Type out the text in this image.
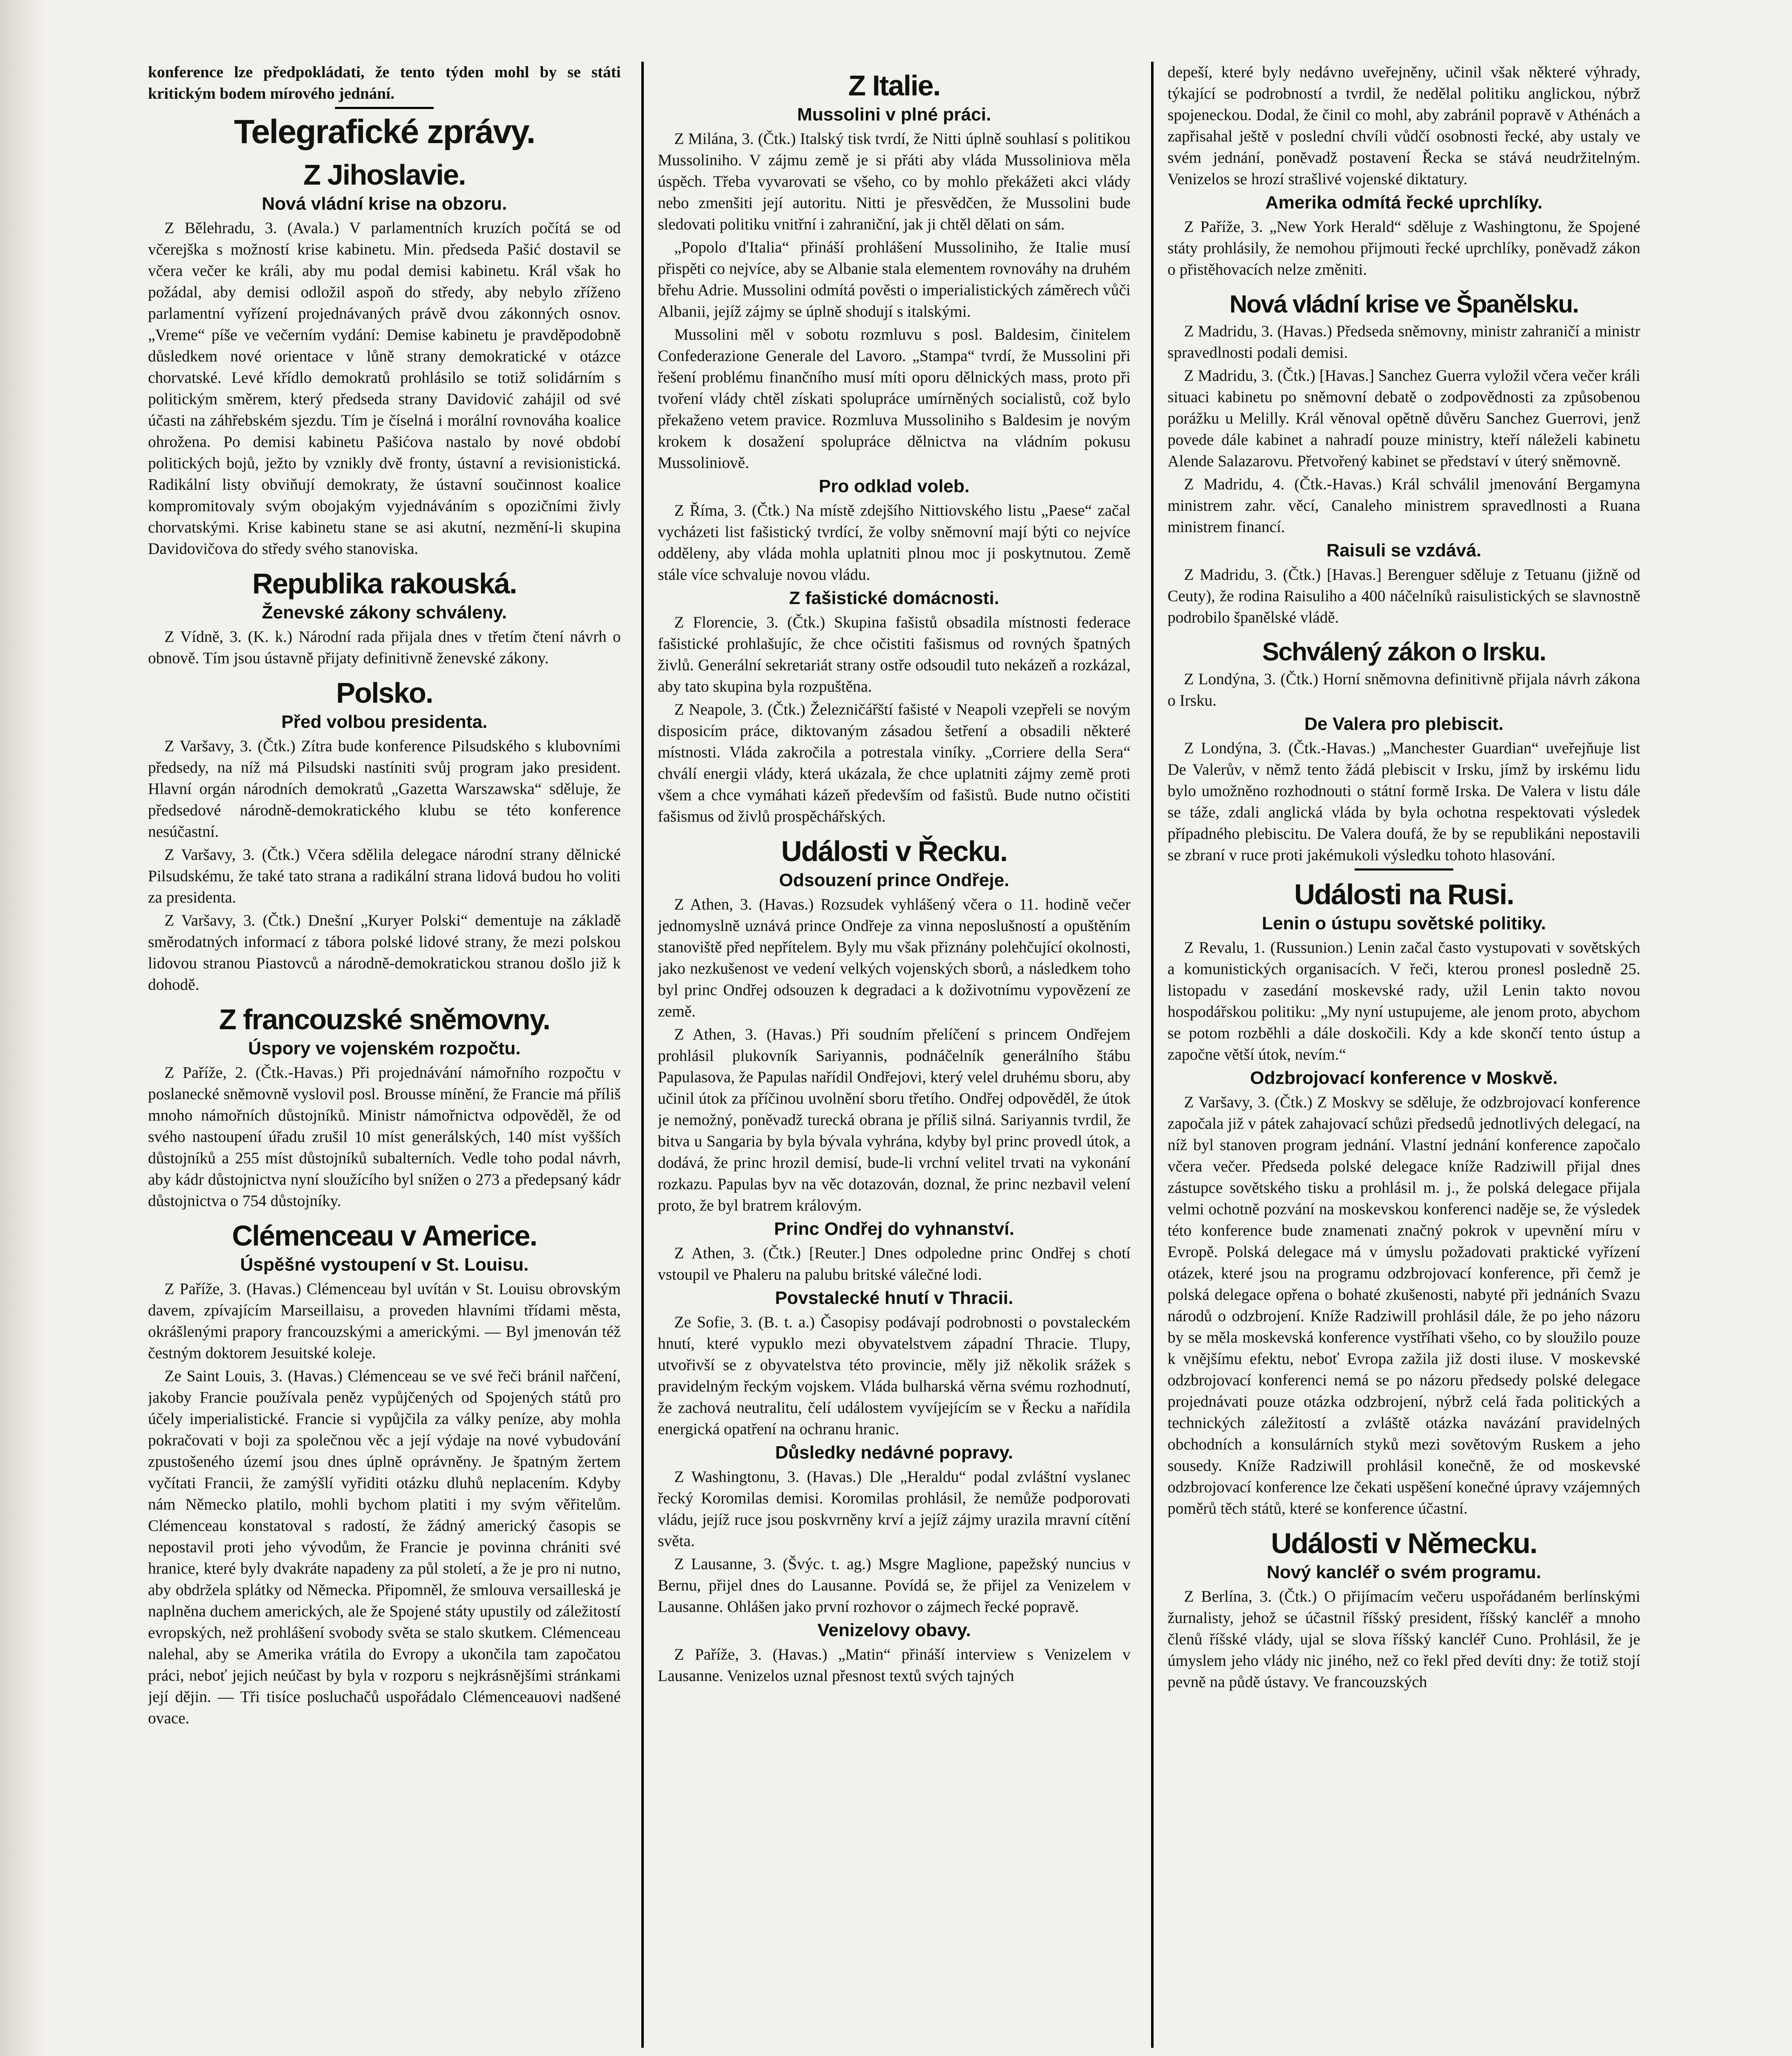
konference lze předpokládati, že tento týden mohl by se státi kritickým bodem mírového jednání.

Telegrafické zprávy.
Z Jihoslavie.
Nová vládní krise na obzoru.

Z Bělehradu, 3. (Avala.) V parlamentních kruzích počítá se od včerejška s možností krise kabinetu. Min. předseda Pašić dostavil se včera večer ke králi, aby mu podal demisi kabinetu. Král však ho požádal, aby demisi odložil aspoň do středy, aby nebylo zříženo parlamentní vyřízení projednávaných právě dvou zákonných osnov. „Vreme“ píše ve večerním vydání: Demise kabinetu je pravděpodobně důsledkem nové orientace v lůně strany demokratické v otázce chorvatské. Levé křídlo demokratů prohlásilo se totiž solidárním s politickým směrem, který předseda strany Davidović zahájil od své účasti na záhřebském sjezdu. Tím je číselná i morální rovnováha koalice ohrožena. Po demisi kabinetu Pašićova nastalo by nové období politických bojů, ježto by vznikly dvě fronty, ústavní a revisionistická. Radikální listy obviňují demokraty, že ústavní součinnost koalice kompromitovaly svým obojakým vyjednáváním s opozičními živly chorvatskými. Krise kabinetu stane se asi akutní, nezmění-li skupina Davidovičova do středy svého stanoviska.

Republika rakouská.
Ženevské zákony schváleny.

Z Vídně, 3. (K. k.) Národní rada přijala dnes v třetím čtení návrh o obnově. Tím jsou ústavně přijaty definitivně ženevské zákony.

Polsko.
Před volbou presidenta.

Z Varšavy, 3. (Čtk.) Zítra bude konference Pilsudského s klubovními předsedy, na níž má Pilsudski nastíniti svůj program jako president. Hlavní orgán národních demokratů „Gazetta Warszawska“ sděluje, že předsedové národně-demokratického klubu se této konference nesúčastní.

Z Varšavy, 3. (Čtk.) Včera sdělila delegace národní strany dělnické Pilsudskému, že také tato strana a radikální strana lidová budou ho voliti za presidenta.

Z Varšavy, 3. (Čtk.) Dnešní „Kuryer Polski“ dementuje na základě směrodatných informací z tábora polské lidové strany, že mezi polskou lidovou stranou Piastovců a národně-demokratickou stranou došlo již k dohodě.

Z francouzské sněmovny.
Úspory ve vojenském rozpočtu.

Z Paříže, 2. (Čtk.-Havas.) Při projednávání námořního rozpočtu v poslanecké sněmovně vyslovil posl. Brousse mínění, že Francie má příliš mnoho námořních důstojníků. Ministr námořnictva odpověděl, že od svého nastoupení úřadu zrušil 10 míst generálských, 140 míst vyšších důstojníků a 255 míst důstojníků subalterních. Vedle toho podal návrh, aby kádr důstojnictva nyní sloužícího byl snížen o 273 a předepsaný kádr důstojnictva o 754 důstojníky.

Clémenceau v Americe.
Úspěšné vystoupení v St. Louisu.

Z Paříže, 3. (Havas.) Clémenceau byl uvítán v St. Louisu obrovským davem, zpívajícím Marseillaisu, a proveden hlavními třídami města, okrášlenými prapory francouzskými a americkými. — Byl jmenován též čestným doktorem Jesuitské koleje.

Ze Saint Louis, 3. (Havas.) Clémenceau se ve své řeči bránil nařčení, jakoby Francie používala peněz vypůjčených od Spojených států pro účely imperialistické. Francie si vypůjčila za války peníze, aby mohla pokračovati v boji za společnou věc a její výdaje na nové vybudování zpustošeného území jsou dnes úplně oprávněny. Je špatným žertem vyčítati Francii, že zamýšlí vyřiditi otázku dluhů neplacením. Kdyby nám Německo platilo, mohli bychom platiti i my svým věřitelům. Clémenceau konstatoval s radostí, že žádný americký časopis se nepostavil proti jeho vývodům, že Francie je povinna chrániti své hranice, které byly dvakráte napadeny za půl století, a že je pro ni nutno, aby obdržela splátky od Německa. Připomněl, že smlouva versailleská je naplněna duchem amerických, ale že Spojené státy upustily od záležitostí evropských, než prohlášení svobody světa se stalo skutkem. Clémenceau nalehal, aby se Amerika vrátila do Evropy a ukončila tam započatou práci, neboť jejich neúčast by byla v rozporu s nejkrásnějšími stránkami její dějin. — Tři tisíce posluchačů uspořádalo Clémenceauovi nadšené ovace.

Z Italie.
Mussolini v plné práci.

Z Milána, 3. (Čtk.) Italský tisk tvrdí, že Nitti úplně souhlasí s politikou Mussoliniho. V zájmu země je si přáti aby vláda Mussoliniova měla úspěch. Třeba vyvarovati se všeho, co by mohlo překážeti akci vlády nebo zmenšiti její autoritu. Nitti je přesvědčen, že Mussolini bude sledovati politiku vnitřní i zahraniční, jak ji chtěl dělati on sám.

„Popolo d'Italia“ přináší prohlášení Mussoliniho, že Italie musí přispěti co nejvíce, aby se Albanie stala elementem rovnováhy na druhém břehu Adrie. Mussolini odmítá pověsti o imperialistických záměrech vůči Albanii, jejíž zájmy se úplně shodují s italskými.

Mussolini měl v sobotu rozmluvu s posl. Baldesim, činitelem Confederazione Generale del Lavoro. „Stampa“ tvrdí, že Mussolini při řešení problému finančního musí míti oporu dělnických mass, proto při tvoření vlády chtěl získati spolupráce umírněných socialistů, což bylo překaženo vetem pravice. Rozmluva Mussoliniho s Baldesim je novým krokem k dosažení spolupráce dělnictva na vládním pokusu Mussoliniově.

Pro odklad voleb.

Z Říma, 3. (Čtk.) Na místě zdejšího Nittiovského listu „Paese“ začal vycházeti list fašistický tvrdící, že volby sněmovní mají býti co nejvíce odděleny, aby vláda mohla uplatniti plnou moc ji poskytnutou. Země stále více schvaluje novou vládu.

Z fašistické domácnosti.

Z Florencie, 3. (Čtk.) Skupina fašistů obsadila místnosti federace fašistické prohlašujíc, že chce očistiti fašismus od rovných špatných živlů. Generální sekretariát strany ostře odsoudil tuto nekázeň a rozkázal, aby tato skupina byla rozpuštěna.

Z Neapole, 3. (Čtk.) Železničářští fašisté v Neapoli vzepřeli se novým disposicím práce, diktovaným zásadou šetření a obsadili některé místnosti. Vláda zakročila a potrestala viníky. „Corriere della Sera“ chválí energii vlády, která ukázala, že chce uplatniti zájmy země proti všem a chce vymáhati kázeň především od fašistů. Bude nutno očistiti fašismus od živlů prospěchářských.

Události v Řecku.
Odsouzení prince Ondřeje.

Z Athen, 3. (Havas.) Rozsudek vyhlášený včera o 11. hodině večer jednomyslně uznává prince Ondřeje za vinna neposlušností a opuštěním stanoviště před nepřítelem. Byly mu však přiznány polehčující okolnosti, jako nezkušenost ve vedení velkých vojenských sborů, a následkem toho byl princ Ondřej odsouzen k degradaci a k doživotnímu vypovězení ze země.

Z Athen, 3. (Havas.) Při soudním přelíčení s princem Ondřejem prohlásil plukovník Sariyannis, podnáčelník generálního štábu Papulasova, že Papulas nařídil Ondřejovi, který velel druhému sboru, aby učinil útok za příčinou uvolnění sboru třetího. Ondřej odpověděl, že útok je nemožný, poněvadž turecká obrana je příliš silná. Sariyannis tvrdil, že bitva u Sangaria by byla bývala vyhrána, kdyby byl princ provedl útok, a dodává, že princ hrozil demisí, bude-li vrchní velitel trvati na vykonání rozkazu. Papulas byv na věc dotazován, doznal, že princ nezbavil velení proto, že byl bratrem královým.

Princ Ondřej do vyhnanství.

Z Athen, 3. (Čtk.) [Reuter.] Dnes odpoledne princ Ondřej s chotí vstoupil ve Phaleru na palubu britské válečné lodi.

Povstalecké hnutí v Thracii.

Ze Sofie, 3. (B. t. a.) Časopisy podávají podrobnosti o povstaleckém hnutí, které vypuklo mezi obyvatelstvem západní Thracie. Tlupy, utvořivší se z obyvatelstva této provincie, měly již několik srážek s pravidelným řeckým vojskem. Vláda bulharská věrna svému rozhodnutí, že zachová neutralitu, čelí událostem vyvíjejícím se v Řecku a nařídila energická opatření na ochranu hranic.

Důsledky nedávné popravy.

Z Washingtonu, 3. (Havas.) Dle „Heraldu“ podal zvláštní vyslanec řecký Koromilas demisi. Koromilas prohlásil, že nemůže podporovati vládu, jejíž ruce jsou poskvrněny krví a jejíž zájmy urazila mravní cítění světa.

Z Lausanne, 3. (Švýc. t. ag.) Msgre Maglione, papežský nuncius v Bernu, přijel dnes do Lausanne. Povídá se, že přijel za Venizelem v Lausanne. Ohlášen jako první rozhovor o zájmech řecké popravě.

Venizelovy obavy.

Z Paříže, 3. (Havas.) „Matin“ přináší interview s Venizelem v Lausanne. Venizelos uznal přesnost textů svých tajných

depeší, které byly nedávno uveřejněny, učinil však některé výhrady, týkající se podrobností a tvrdil, že nedělal politiku anglickou, nýbrž spojeneckou. Dodal, že činil co mohl, aby zabránil popravě v Athénách a zapřisahal ještě v poslední chvíli vůdčí osobnosti řecké, aby ustaly ve svém jednání, poněvadž postavení Řecka se stává neudržitelným. Venizelos se hrozí strašlivé vojenské diktatury.

Amerika odmítá řecké uprchlíky.

Z Paříže, 3. „New York Herald“ sděluje z Washingtonu, že Spojené státy prohlásily, že nemohou přijmouti řecké uprchlíky, poněvadž zákon o přistěhovacích nelze změniti.

Nová vládní krise ve Španělsku.

Z Madridu, 3. (Havas.) Předseda sněmovny, ministr zahraničí a ministr spravedlnosti podali demisi.

Z Madridu, 3. (Čtk.) [Havas.] Sanchez Guerra vyložil včera večer králi situaci kabinetu po sněmovní debatě o zodpovědnosti za způsobenou porážku u Melilly. Král věnoval opětně důvěru Sanchez Guerrovi, jenž povede dále kabinet a nahradí pouze ministry, kteří náleželi kabinetu Alende Salazarovu. Přetvořený kabinet se představí v úterý sněmovně.

Z Madridu, 4. (Čtk.-Havas.) Král schválil jmenování Bergamyna ministrem zahr. věcí, Canaleho ministrem spravedlnosti a Ruana ministrem financí.

Raisuli se vzdává.

Z Madridu, 3. (Čtk.) [Havas.] Berenguer sděluje z Tetuanu (jižně od Ceuty), že rodina Raisuliho a 400 náčelníků raisulistických se slavnostně podrobilo španělské vládě.

Schválený zákon o Irsku.

Z Londýna, 3. (Čtk.) Horní sněmovna definitivně přijala návrh zákona o Irsku.

De Valera pro plebiscit.

Z Londýna, 3. (Čtk.-Havas.) „Manchester Guardian“ uveřejňuje list De Valerův, v němž tento žádá plebiscit v Irsku, jímž by irskému lidu bylo umožněno rozhodnouti o státní formě Irska. De Valera v listu dále se táže, zdali anglická vláda by byla ochotna respektovati výsledek případného plebiscitu. De Valera doufá, že by se republikáni nepostavili se zbraní v ruce proti jakémukoli výsledku tohoto hlasování.

Události na Rusi.
Lenin o ústupu sovětské politiky.

Z Revalu, 1. (Russunion.) Lenin začal často vystupovati v sovětských a komunistických organisacích. V řeči, kterou pronesl posledně 25. listopadu v zasedání moskevské rady, užil Lenin takto novou hospodářskou politiku: „My nyní ustupujeme, ale jenom proto, abychom se potom rozběhli a dále doskočili. Kdy a kde skončí tento ústup a započne větší útok, nevím.“

Odzbrojovací konference v Moskvě.

Z Varšavy, 3. (Čtk.) Z Moskvy se sděluje, že odzbrojovací konference započala již v pátek zahajovací schůzi předsedů jednotlivých delegací, na níž byl stanoven program jednání. Vlastní jednání konference započalo včera večer. Předseda polské delegace kníže Radziwill přijal dnes zástupce sovětského tisku a prohlásil m. j., že polská delegace přijala velmi ochotně pozvání na moskevskou konferenci naděje se, že výsledek této konference bude znamenati značný pokrok v upevnění míru v Evropě. Polská delegace má v úmyslu požadovati praktické vyřízení otázek, které jsou na programu odzbrojovací konference, při čemž je polská delegace opřena o bohaté zkušenosti, nabyté při jednáních Svazu národů o odzbrojení. Kníže Radziwill prohlásil dále, že po jeho názoru by se měla moskevská konference vystříhati všeho, co by sloužilo pouze k vnějšímu efektu, neboť Evropa zažila již dosti iluse. V moskevské odzbrojovací konferenci nemá se po názoru předsedy polské delegace projednávati pouze otázka odzbrojení, nýbrž celá řada politických a technických záležitostí a zvláště otázka navázání pravidelných obchodních a konsulárních styků mezi sovětovým Ruskem a jeho sousedy. Kníže Radziwill prohlásil konečně, že od moskevské odzbrojovací konference lze čekati uspěšení konečné úpravy vzájemných poměrů těch států, které se konference účastní.

Události v Německu.
Nový kancléř o svém programu.

Z Berlína, 3. (Čtk.) O přijímacím večeru uspořádaném berlínskými žurnalisty, jehož se účastnil říšský president, říšský kancléř a mnoho členů říšské vlády, ujal se slova říšský kancléř Cuno. Prohlásil, že je úmyslem jeho vlády nic jiného, než co řekl před devíti dny: že totiž stojí pevně na půdě ústavy. Ve francouzských
